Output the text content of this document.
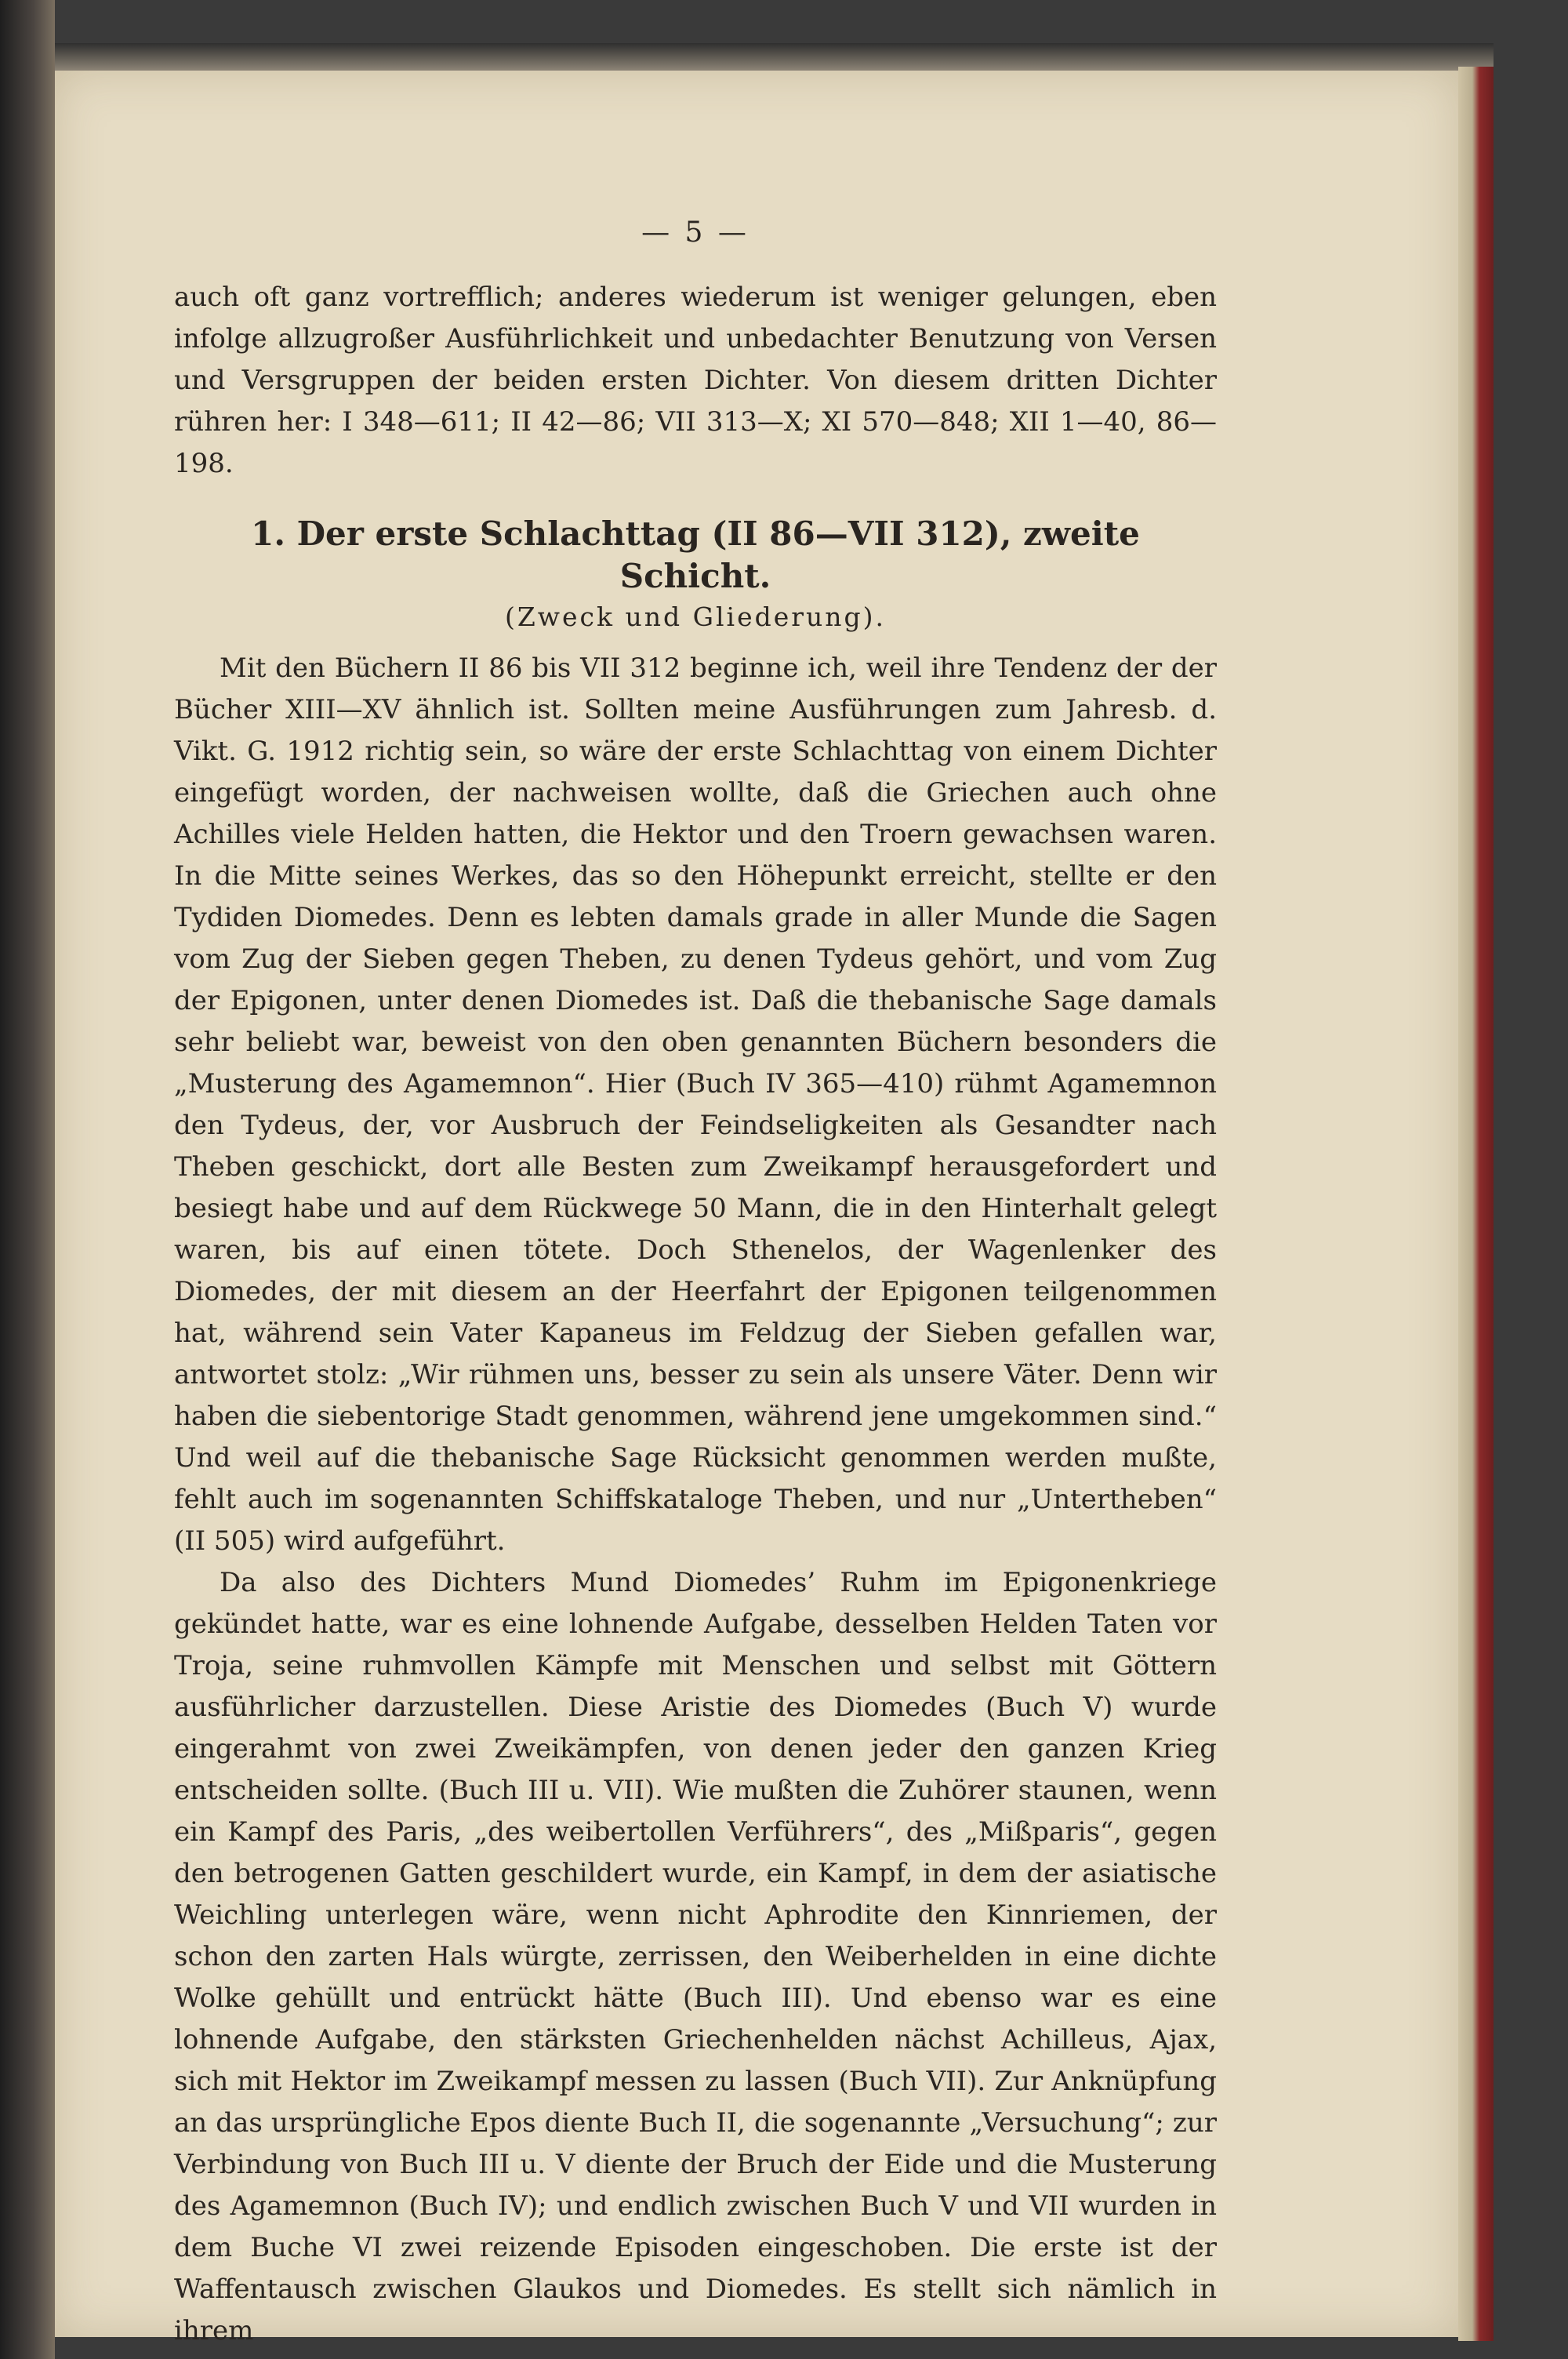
— 5 —

auch oft ganz vortrefflich; anderes wiederum ist weniger gelungen, eben infolge allzugroßer Ausführlichkeit und unbedachter Benutzung von Versen und Versgruppen der beiden ersten Dichter. Von diesem dritten Dichter rühren her: I 348—611; II 42—86; VII 313—X; XI 570—848; XII 1—40, 86—198.

1. Der erste Schlachttag (II 86—VII 312), zweite Schicht.
(Zweck und Gliederung).

Mit den Büchern II 86 bis VII 312 beginne ich, weil ihre Tendenz der der Bücher XIII—XV ähnlich ist. Sollten meine Ausführungen zum Jahresb. d. Vikt. G. 1912 richtig sein, so wäre der erste Schlachttag von einem Dichter eingefügt worden, der nachweisen wollte, daß die Griechen auch ohne Achilles viele Helden hatten, die Hektor und den Troern gewachsen waren. In die Mitte seines Werkes, das so den Höhepunkt erreicht, stellte er den Tydiden Diomedes. Denn es lebten damals grade in aller Munde die Sagen vom Zug der Sieben gegen Theben, zu denen Tydeus gehört, und vom Zug der Epigonen, unter denen Diomedes ist. Daß die thebanische Sage damals sehr beliebt war, beweist von den oben genannten Büchern besonders die „Musterung des Agamemnon“. Hier (Buch IV 365—410) rühmt Agamemnon den Tydeus, der, vor Ausbruch der Feindseligkeiten als Gesandter nach Theben geschickt, dort alle Besten zum Zweikampf herausgefordert und besiegt habe und auf dem Rückwege 50 Mann, die in den Hinterhalt gelegt waren, bis auf einen tötete. Doch Sthenelos, der Wagenlenker des Diomedes, der mit diesem an der Heerfahrt der Epigonen teilgenommen hat, während sein Vater Kapaneus im Feldzug der Sieben gefallen war, antwortet stolz: „Wir rühmen uns, besser zu sein als unsere Väter. Denn wir haben die siebentorige Stadt genommen, während jene umgekommen sind.“ Und weil auf die thebanische Sage Rücksicht genommen werden mußte, fehlt auch im sogenannten Schiffskataloge Theben, und nur „Untertheben“ (II 505) wird aufgeführt.

Da also des Dichters Mund Diomedes’ Ruhm im Epigonenkriege gekündet hatte, war es eine lohnende Aufgabe, desselben Helden Taten vor Troja, seine ruhmvollen Kämpfe mit Menschen und selbst mit Göttern ausführlicher darzustellen. Diese Aristie des Diomedes (Buch V) wurde eingerahmt von zwei Zweikämpfen, von denen jeder den ganzen Krieg entscheiden sollte. (Buch III u. VII). Wie mußten die Zuhörer staunen, wenn ein Kampf des Paris, „des weibertollen Verführers“, des „Mißparis“, gegen den betrogenen Gatten geschildert wurde, ein Kampf, in dem der asiatische Weichling unterlegen wäre, wenn nicht Aphrodite den Kinnriemen, der schon den zarten Hals würgte, zerrissen, den Weiberhelden in eine dichte Wolke gehüllt und entrückt hätte (Buch III). Und ebenso war es eine lohnende Aufgabe, den stärksten Griechenhelden nächst Achilleus, Ajax, sich mit Hektor im Zweikampf messen zu lassen (Buch VII). Zur Anknüpfung an das ursprüngliche Epos diente Buch II, die sogenannte „Versuchung“; zur Verbindung von Buch III u. V diente der Bruch der Eide und die Musterung des Agamemnon (Buch IV); und endlich zwischen Buch V und VII wurden in dem Buche VI zwei reizende Episoden eingeschoben. Die erste ist der Waffentausch zwischen Glaukos und Diomedes. Es stellt sich nämlich in ihrem
